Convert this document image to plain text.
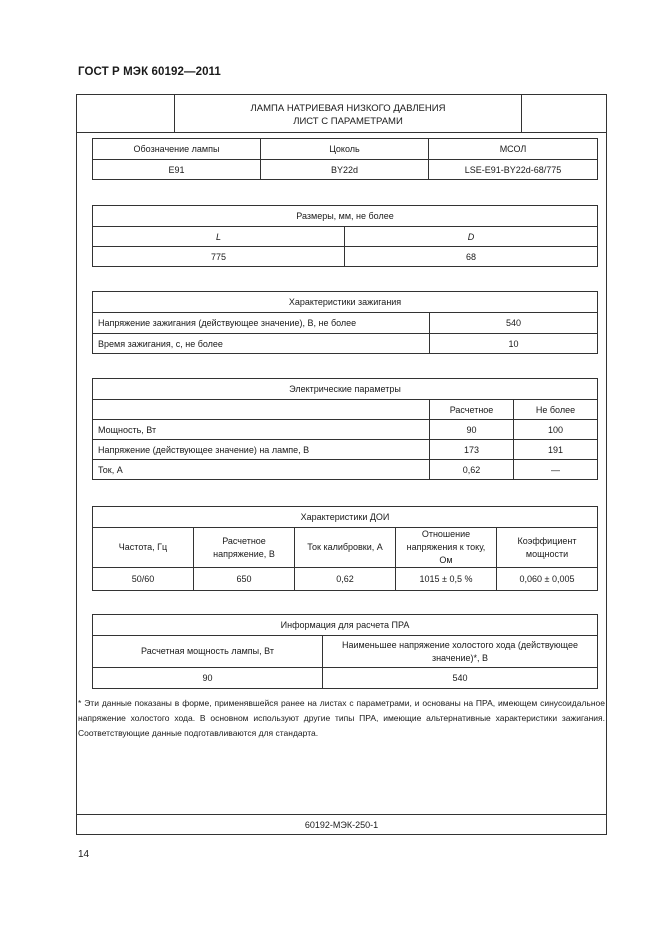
ГОСТ Р МЭК 60192—2011
ЛАМПА НАТРИЕВАЯ НИЗКОГО ДАВЛЕНИЯ
ЛИСТ С ПАРАМЕТРАМИ
Обозначение лампы	Цоколь	МСОЛ
E91	BY22d	LSE-E91-BY22d-68/775
Размеры, мм, не более	
L	D
775	68
Характеристики зажигания	
Напряжение зажигания (действующее значение), В, не более	540
Время зажигания, с, не более	10
Электрические параметры		
	Расчетное	Не более
Мощность, Вт	90	100
Напряжение (действующее значение) на лампе, В	173	191
Ток, А	0,62	—
Характеристики ДОИ				
Частота, Гц	Расчетное напряжение, В	Ток калибровки, А	Отношение напряжения к току, Ом	Коэффициент мощности
50/60	650	0,62	1015 ± 0,5 %	0,060 ± 0,005
Информация для расчета ПРА	
Расчетная мощность лампы, Вт	Наименьшее напряжение холостого хода (действующее значение)*, В
90	540
* Эти данные показаны в форме, применявшейся ранее на листах с параметрами, и основаны на ПРА, имеющем синусоидальное напряжение холостого хода. В основном используют другие типы ПРА, имеющие альтернативные характеристики зажигания. Соответствующие данные подготавливаются для стандарта.
60192-МЭК-250-1
14
